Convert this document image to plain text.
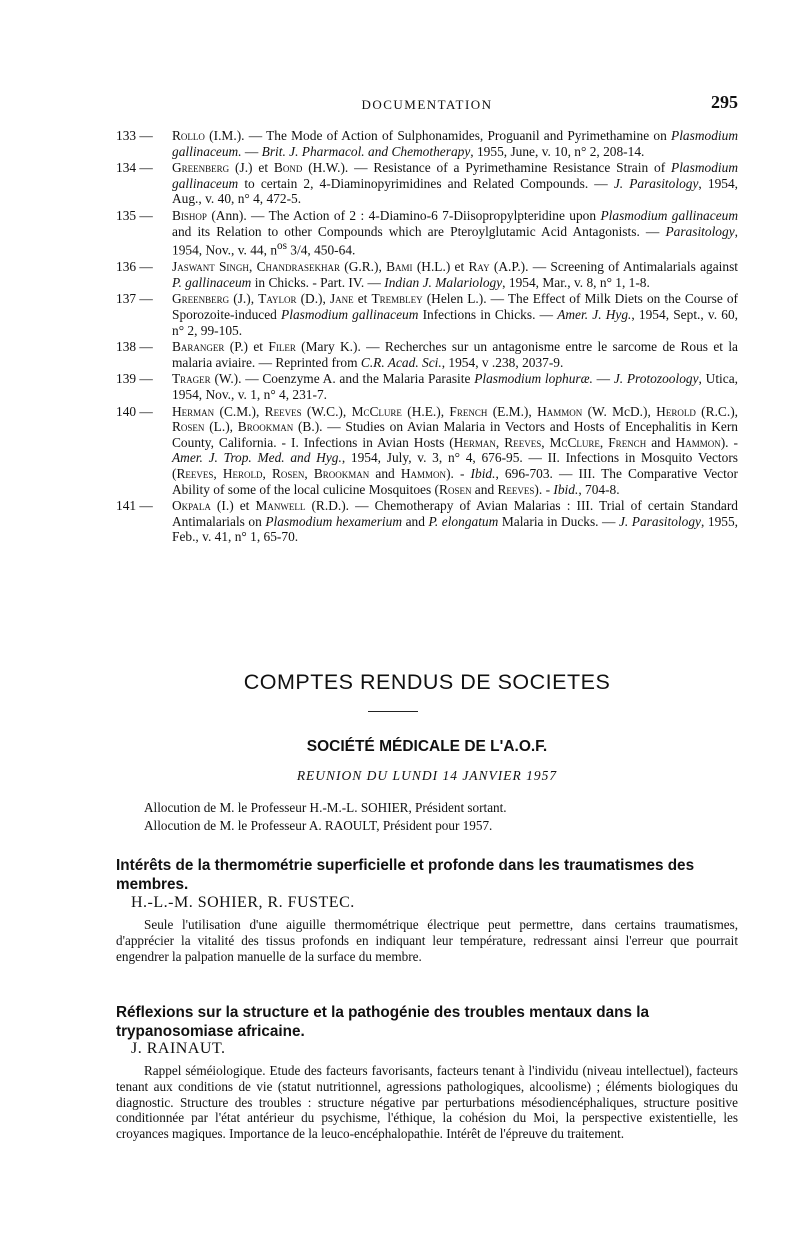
DOCUMENTATION	295
133 —	Rollo (I.M.). — The Mode of Action of Sulphonamides, Proguanil and Pyrimethamine on Plasmodium gallinaceum. — Brit. J. Pharmacol. and Chemotherapy, 1955, June, v. 10, n° 2, 208-14.
134 —	Greenberg (J.) et Bond (H.W.). — Resistance of a Pyrimethamine Resistance Strain of Plasmodium gallinaceum to certain 2, 4-Diaminopyrimidines and Related Compounds. — J. Parasitology, 1954, Aug., v. 40, n° 4, 472-5.
135 —	Bishop (Ann). — The Action of 2 : 4-Diamino-6 7-Diisopropylpteridine upon Plasmodium gallinaceum and its Relation to other Compounds which are Pteroylglutamic Acid Antagonists. — Parasitology, 1954, Nov., v. 44, $n^{os}$ 3/4, 450-64.
136 —	Jaswant Singh, Chandrasekhar (G.R.), Bami (H.L.) et Ray (A.P.). — Screening of Antimalarials against P. gallinaceum in Chicks. - Part. IV. — Indian J. Malariology, 1954, Mar., v. 8, n° 1, 1-8.
137 —	Greenberg (J.), Taylor (D.), Jane et Trembley (Helen L.). — The Effect of Milk Diets on the Course of Sporozoite-induced Plasmodium gallinaceum Infections in Chicks. — Amer. J. Hyg., 1954, Sept., v. 60, n° 2, 99-105.
138 —	Baranger (P.) et Filer (Mary K.). — Recherches sur un antagonisme entre le sarcome de Rous et la malaria aviaire. — Reprinted from C.R. Acad. Sci., 1954, v .238, 2037-9.
139 —	Trager (W.). — Coenzyme A. and the Malaria Parasite Plasmodium lophuræ. — J. Protozoology, Utica, 1954, Nov., v. 1, n° 4, 231-7.
140 —	Herman (C.M.), Reeves (W.C.), McClure (H.E.), French (E.M.), Hammon (W. McD.), Herold (R.C.), Rosen (L.), Brookman (B.). — Studies on Avian Malaria in Vectors and Hosts of Encephalitis in Kern County, California. - I. Infections in Avian Hosts (Herman, Reeves, McClure, French and Hammon). - Amer. J. Trop. Med. and Hyg., 1954, July, v. 3, n° 4, 676-95. — II. Infections in Mosquito Vectors (Reeves, Herold, Rosen, Brookman and Hammon). - Ibid., 696-703. — III. The Comparative Vector Ability of some of the local culicine Mosquitoes (Rosen and Reeves). - Ibid., 704-8.
141 —	Okpala (I.) et Manwell (R.D.). — Chemotherapy of Avian Malarias : III. Trial of certain Standard Antimalarials on Plasmodium hexamerium and P. elongatum Malaria in Ducks. — J. Parasitology, 1955, Feb., v. 41, n° 1, 65-70.
COMPTES RENDUS DE SOCIETES
SOCIÉTÉ MÉDICALE DE L'A.O.F.
REUNION DU LUNDI 14 JANVIER 1957
Allocution de M. le Professeur H.-M.-L. SOHIER, Président sortant.
Allocution de M. le Professeur A. RAOULT, Président pour 1957.
Intérêts de la thermométrie superficielle et profonde dans les traumatismes des membres.
H.-L.-M. SOHIER, R. FUSTEC.
Seule l'utilisation d'une aiguille thermométrique électrique peut permettre, dans certains traumatismes, d'apprécier la vitalité des tissus profonds en indiquant leur température, redressant ainsi l'erreur que pourrait engendrer la palpation manuelle de la surface du membre.
Réflexions sur la structure et la pathogénie des troubles mentaux dans la trypanosomiase africaine.
J. RAINAUT.
Rappel séméiologique. Etude des facteurs favorisants, facteurs tenant à l'individu (niveau intellectuel), facteurs tenant aux conditions de vie (statut nutritionnel, agressions pathologiques, alcoolisme) ; éléments biologiques du diagnostic. Structure des troubles : structure négative par perturbations mésodiencéphaliques, structure positive conditionnée par l'état antérieur du psychisme, l'éthique, la cohésion du Moi, la perspective existentielle, les croyances magiques. Importance de la leuco-encéphalopathie. Intérêt de l'épreuve du traitement.
